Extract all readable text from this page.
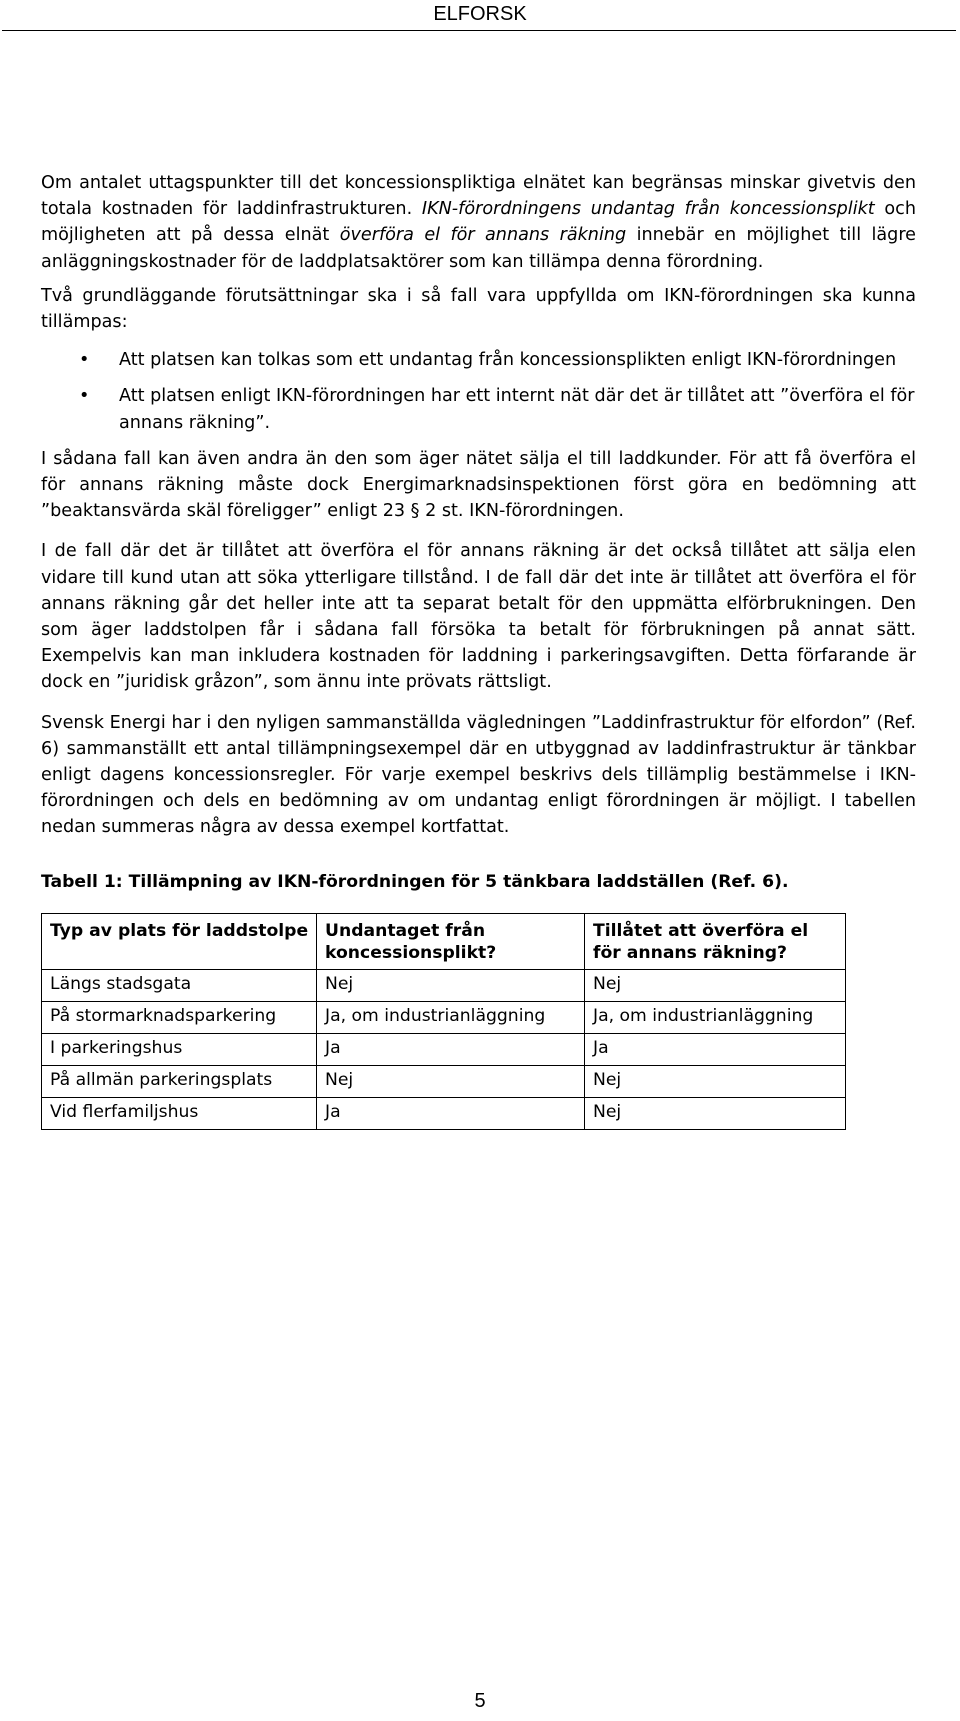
ELFORSK

Om antalet uttagspunkter till det koncessionspliktiga elnätet kan begränsas minskar givetvis den totala kostnaden för laddinfrastrukturen. IKN-förordningens undantag från koncessionsplikt och möjligheten att på dessa elnät överföra el för annans räkning innebär en möjlighet till lägre anläggningskostnader för de laddplatsaktörer som kan tillämpa denna förordning.

Två grundläggande förutsättningar ska i så fall vara uppfyllda om IKN-förordningen ska kunna tillämpas:

• Att platsen kan tolkas som ett undantag från koncessionsplikten enligt IKN-förordningen
• Att platsen enligt IKN-förordningen har ett internt nät där det är tillåtet att ”överföra el för annans räkning”.

I sådana fall kan även andra än den som äger nätet sälja el till laddkunder. För att få överföra el för annans räkning måste dock Energimarknadsinspektionen först göra en bedömning att ”beaktansvärda skäl föreligger” enligt 23 § 2 st. IKN-förordningen.

I de fall där det är tillåtet att överföra el för annans räkning är det också tillåtet att sälja elen vidare till kund utan att söka ytterligare tillstånd. I de fall där det inte är tillåtet att överföra el för annans räkning går det heller inte att ta separat betalt för den uppmätta elförbrukningen. Den som äger laddstolpen får i sådana fall försöka ta betalt för förbrukningen på annat sätt. Exempelvis kan man inkludera kostnaden för laddning i parkeringsavgiften. Detta förfarande är dock en ”juridisk gråzon”, som ännu inte prövats rättsligt.

Svensk Energi har i den nyligen sammanställda vägledningen ”Laddinfrastruktur för elfordon” (Ref. 6) sammanställt ett antal tillämpningsexempel där en utbyggnad av laddinfrastruktur är tänkbar enligt dagens koncessionsregler. För varje exempel beskrivs dels tillämplig bestämmelse i IKN-förordningen och dels en bedömning av om undantag enligt förordningen är möjligt. I tabellen nedan summeras några av dessa exempel kortfattat.

Tabell 1: Tillämpning av IKN-förordningen för 5 tänkbara laddställen (Ref. 6).

Typ av plats för laddstolpe	Undantaget från koncessionsplikt?	Tillåtet att överföra el för annans räkning?
Längs stadsgata	Nej	Nej
På stormarknadsparkering	Ja, om industrianläggning	Ja, om industrianläggning
I parkeringshus	Ja	Ja
På allmän parkeringsplats	Nej	Nej
Vid flerfamiljshus	Ja	Nej
5
